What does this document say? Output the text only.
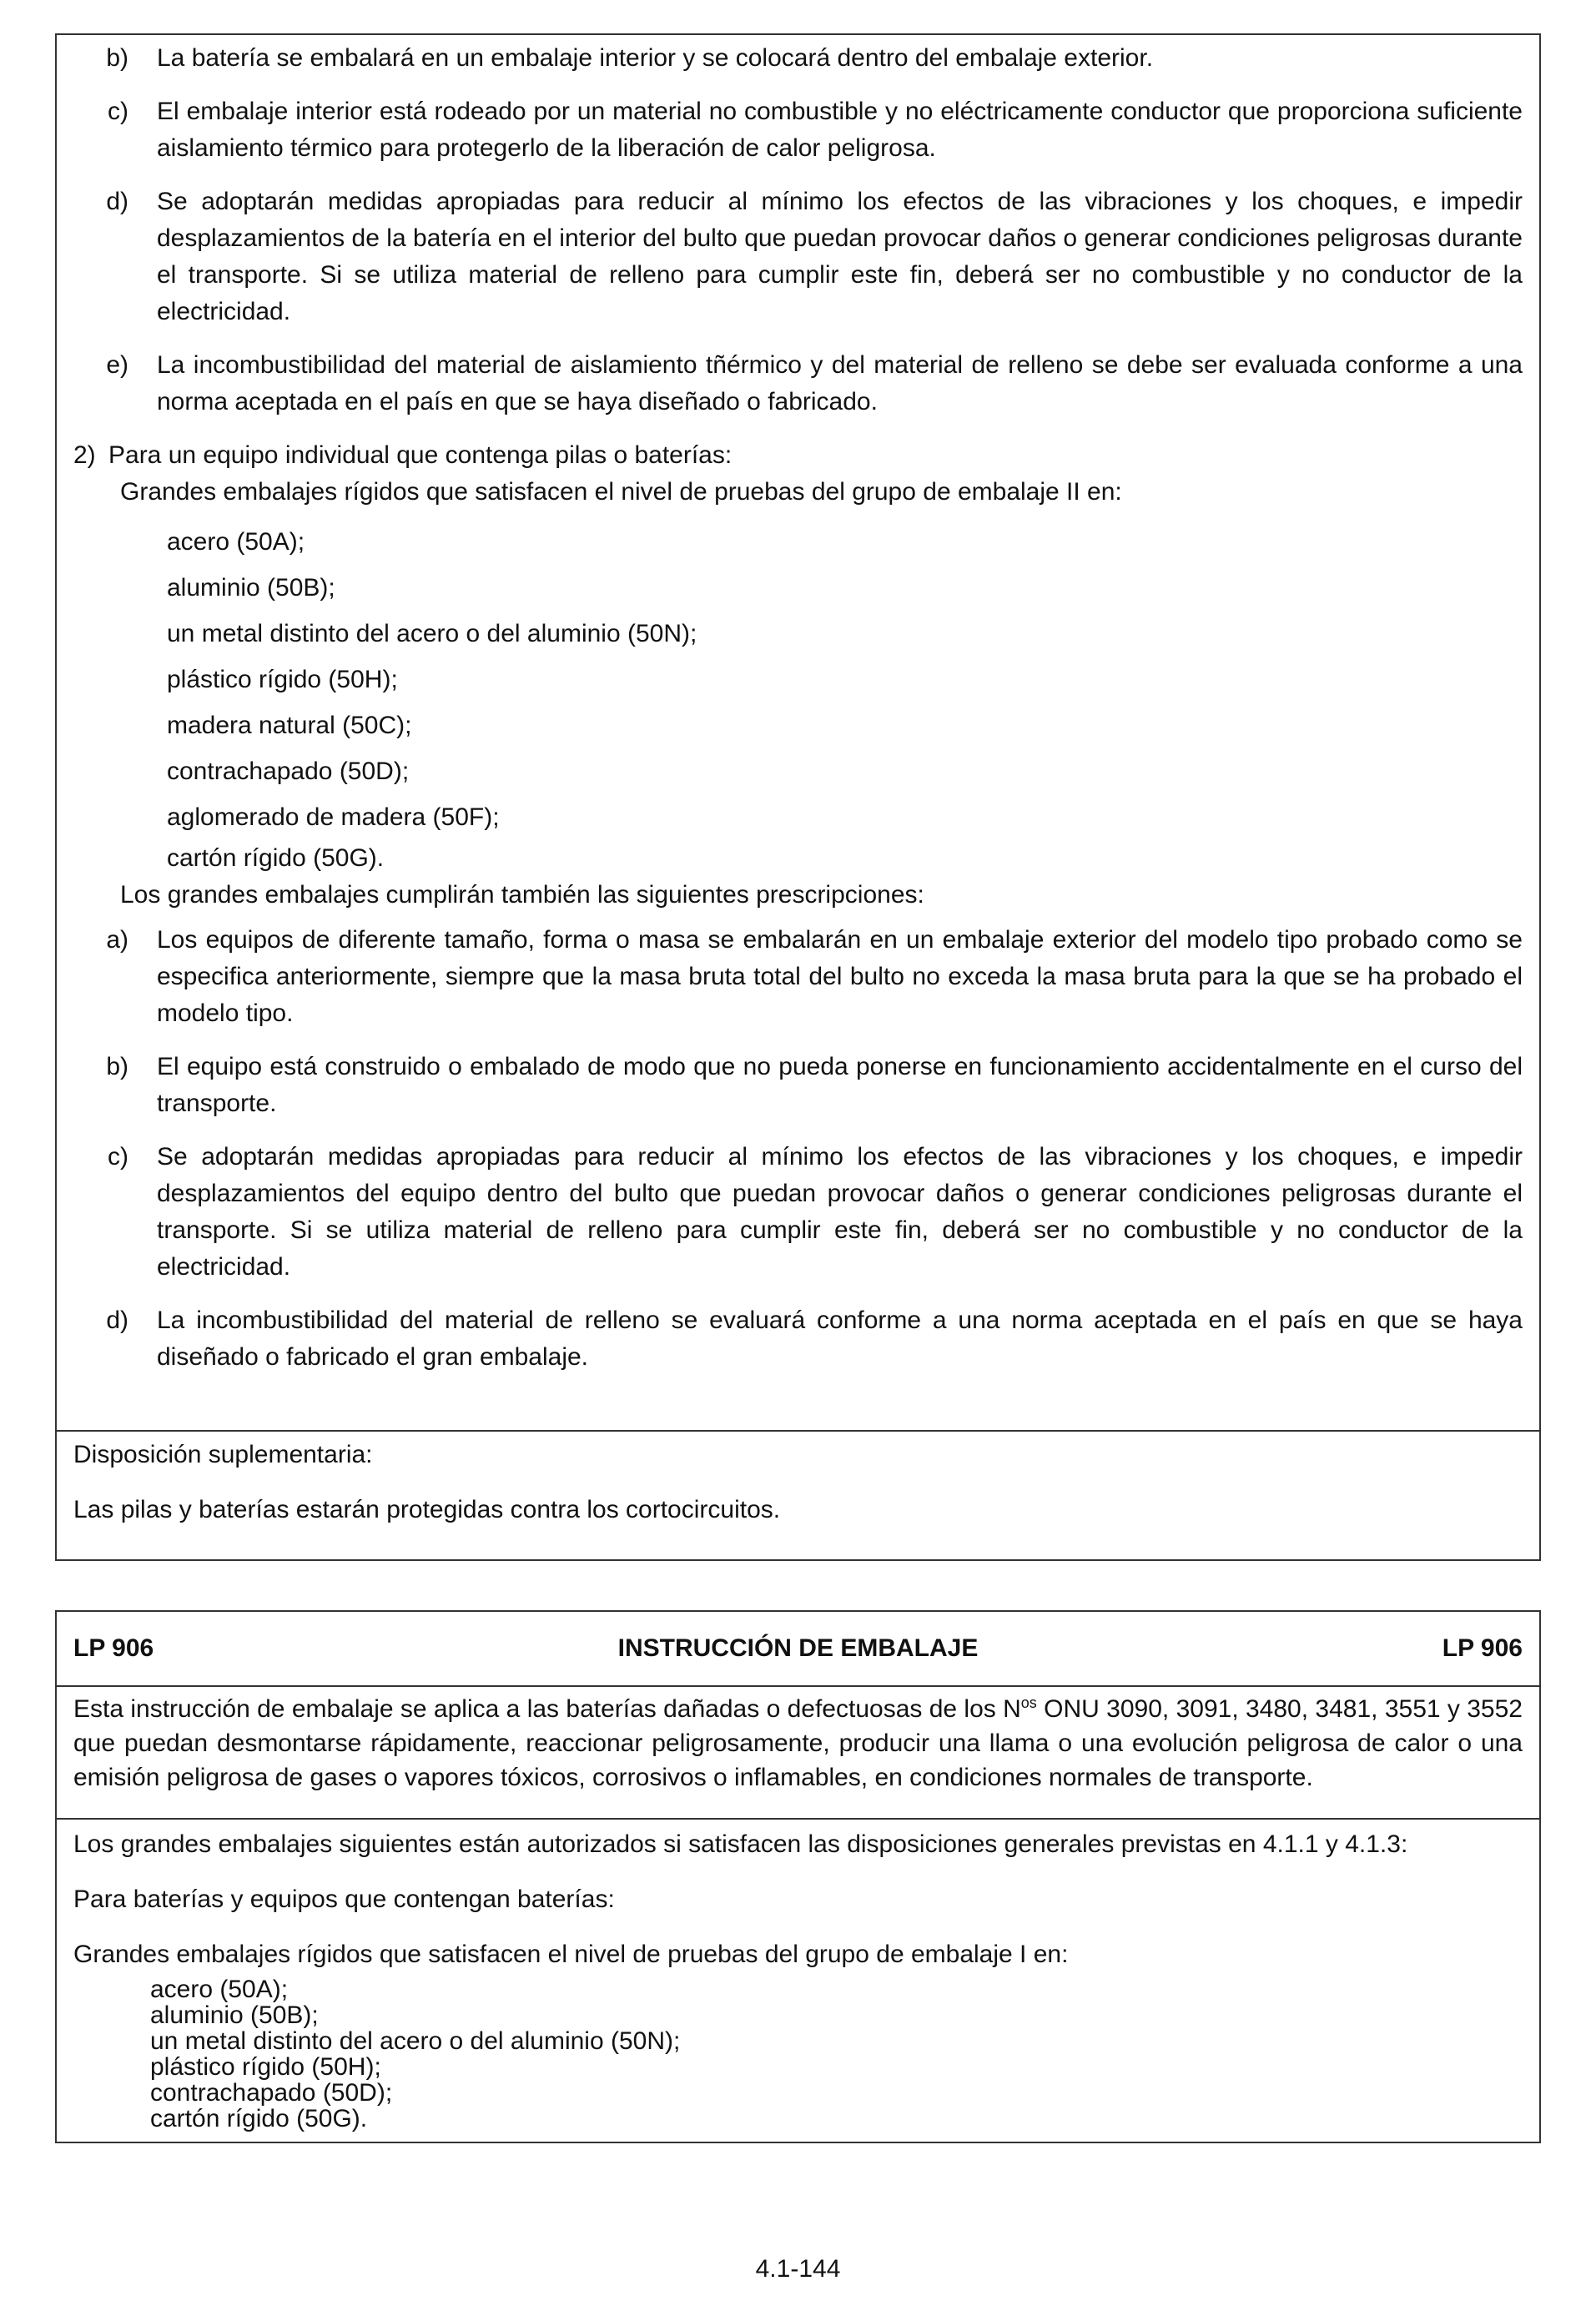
b)	La batería se embalará en un embalaje interior y se colocará dentro del embalaje exterior.
c)	El embalaje interior está rodeado por un material no combustible y no eléctricamente conductor que proporciona suficiente aislamiento térmico para protegerlo de la liberación de calor peligrosa.
d)	Se adoptarán medidas apropiadas para reducir al mínimo los efectos de las vibraciones y los choques, e impedir desplazamientos de la batería en el interior del bulto que puedan provocar daños o generar condiciones peligrosas durante el transporte. Si se utiliza material de relleno para cumplir este fin, deberá ser no combustible y no conductor de la electricidad.
e)	La incombustibilidad del material de aislamiento tñérmico y del material de relleno se debe ser evaluada conforme a una norma aceptada en el país en que se haya diseñado o fabricado.
2) Para un equipo individual que contenga pilas o baterías:
Grandes embalajes rígidos que satisfacen el nivel de pruebas del grupo de embalaje II en:
acero (50A);
aluminio (50B);
un metal distinto del acero o del aluminio (50N);
plástico rígido (50H);
madera natural (50C);
contrachapado (50D);
aglomerado de madera (50F);
cartón rígido (50G).
Los grandes embalajes cumplirán también las siguientes prescripciones:
a)	Los equipos de diferente tamaño, forma o masa se embalarán en un embalaje exterior del modelo tipo probado como se especifica anteriormente, siempre que la masa bruta total del bulto no exceda la masa bruta para la que se ha probado el modelo tipo.
b)	El equipo está construido o embalado de modo que no pueda ponerse en funcionamiento accidentalmente en el curso del transporte.
c)	Se adoptarán medidas apropiadas para reducir al mínimo los efectos de las vibraciones y los choques, e impedir desplazamientos del equipo dentro del bulto que puedan provocar daños o generar condiciones peligrosas durante el transporte. Si se utiliza material de relleno para cumplir este fin, deberá ser no combustible y no conductor de la electricidad.
d)	La incombustibilidad del material de relleno se evaluará conforme a una norma aceptada en el país en que se haya diseñado o fabricado el gran embalaje.
Disposición suplementaria:
Las pilas y baterías estarán protegidas contra los cortocircuitos.
LP 906	INSTRUCCIÓN DE EMBALAJE	LP 906
Esta instrucción de embalaje se aplica a las baterías dañadas o defectuosas de los $N^{os}$ ONU 3090, 3091, 3480, 3481, 3551 y 3552 que puedan desmontarse rápidamente, reaccionar peligrosamente, producir una llama o una evolución peligrosa de calor o una emisión peligrosa de gases o vapores tóxicos, corrosivos o inflamables, en condiciones normales de transporte.
Los grandes embalajes siguientes están autorizados si satisfacen las disposiciones generales previstas en 4.1.1 y 4.1.3:
Para baterías y equipos que contengan baterías:
Grandes embalajes rígidos que satisfacen el nivel de pruebas del grupo de embalaje I en:
acero (50A);
aluminio (50B);
un metal distinto del acero o del aluminio (50N);
plástico rígido (50H);
contrachapado (50D);
cartón rígido (50G).
4.1-144
